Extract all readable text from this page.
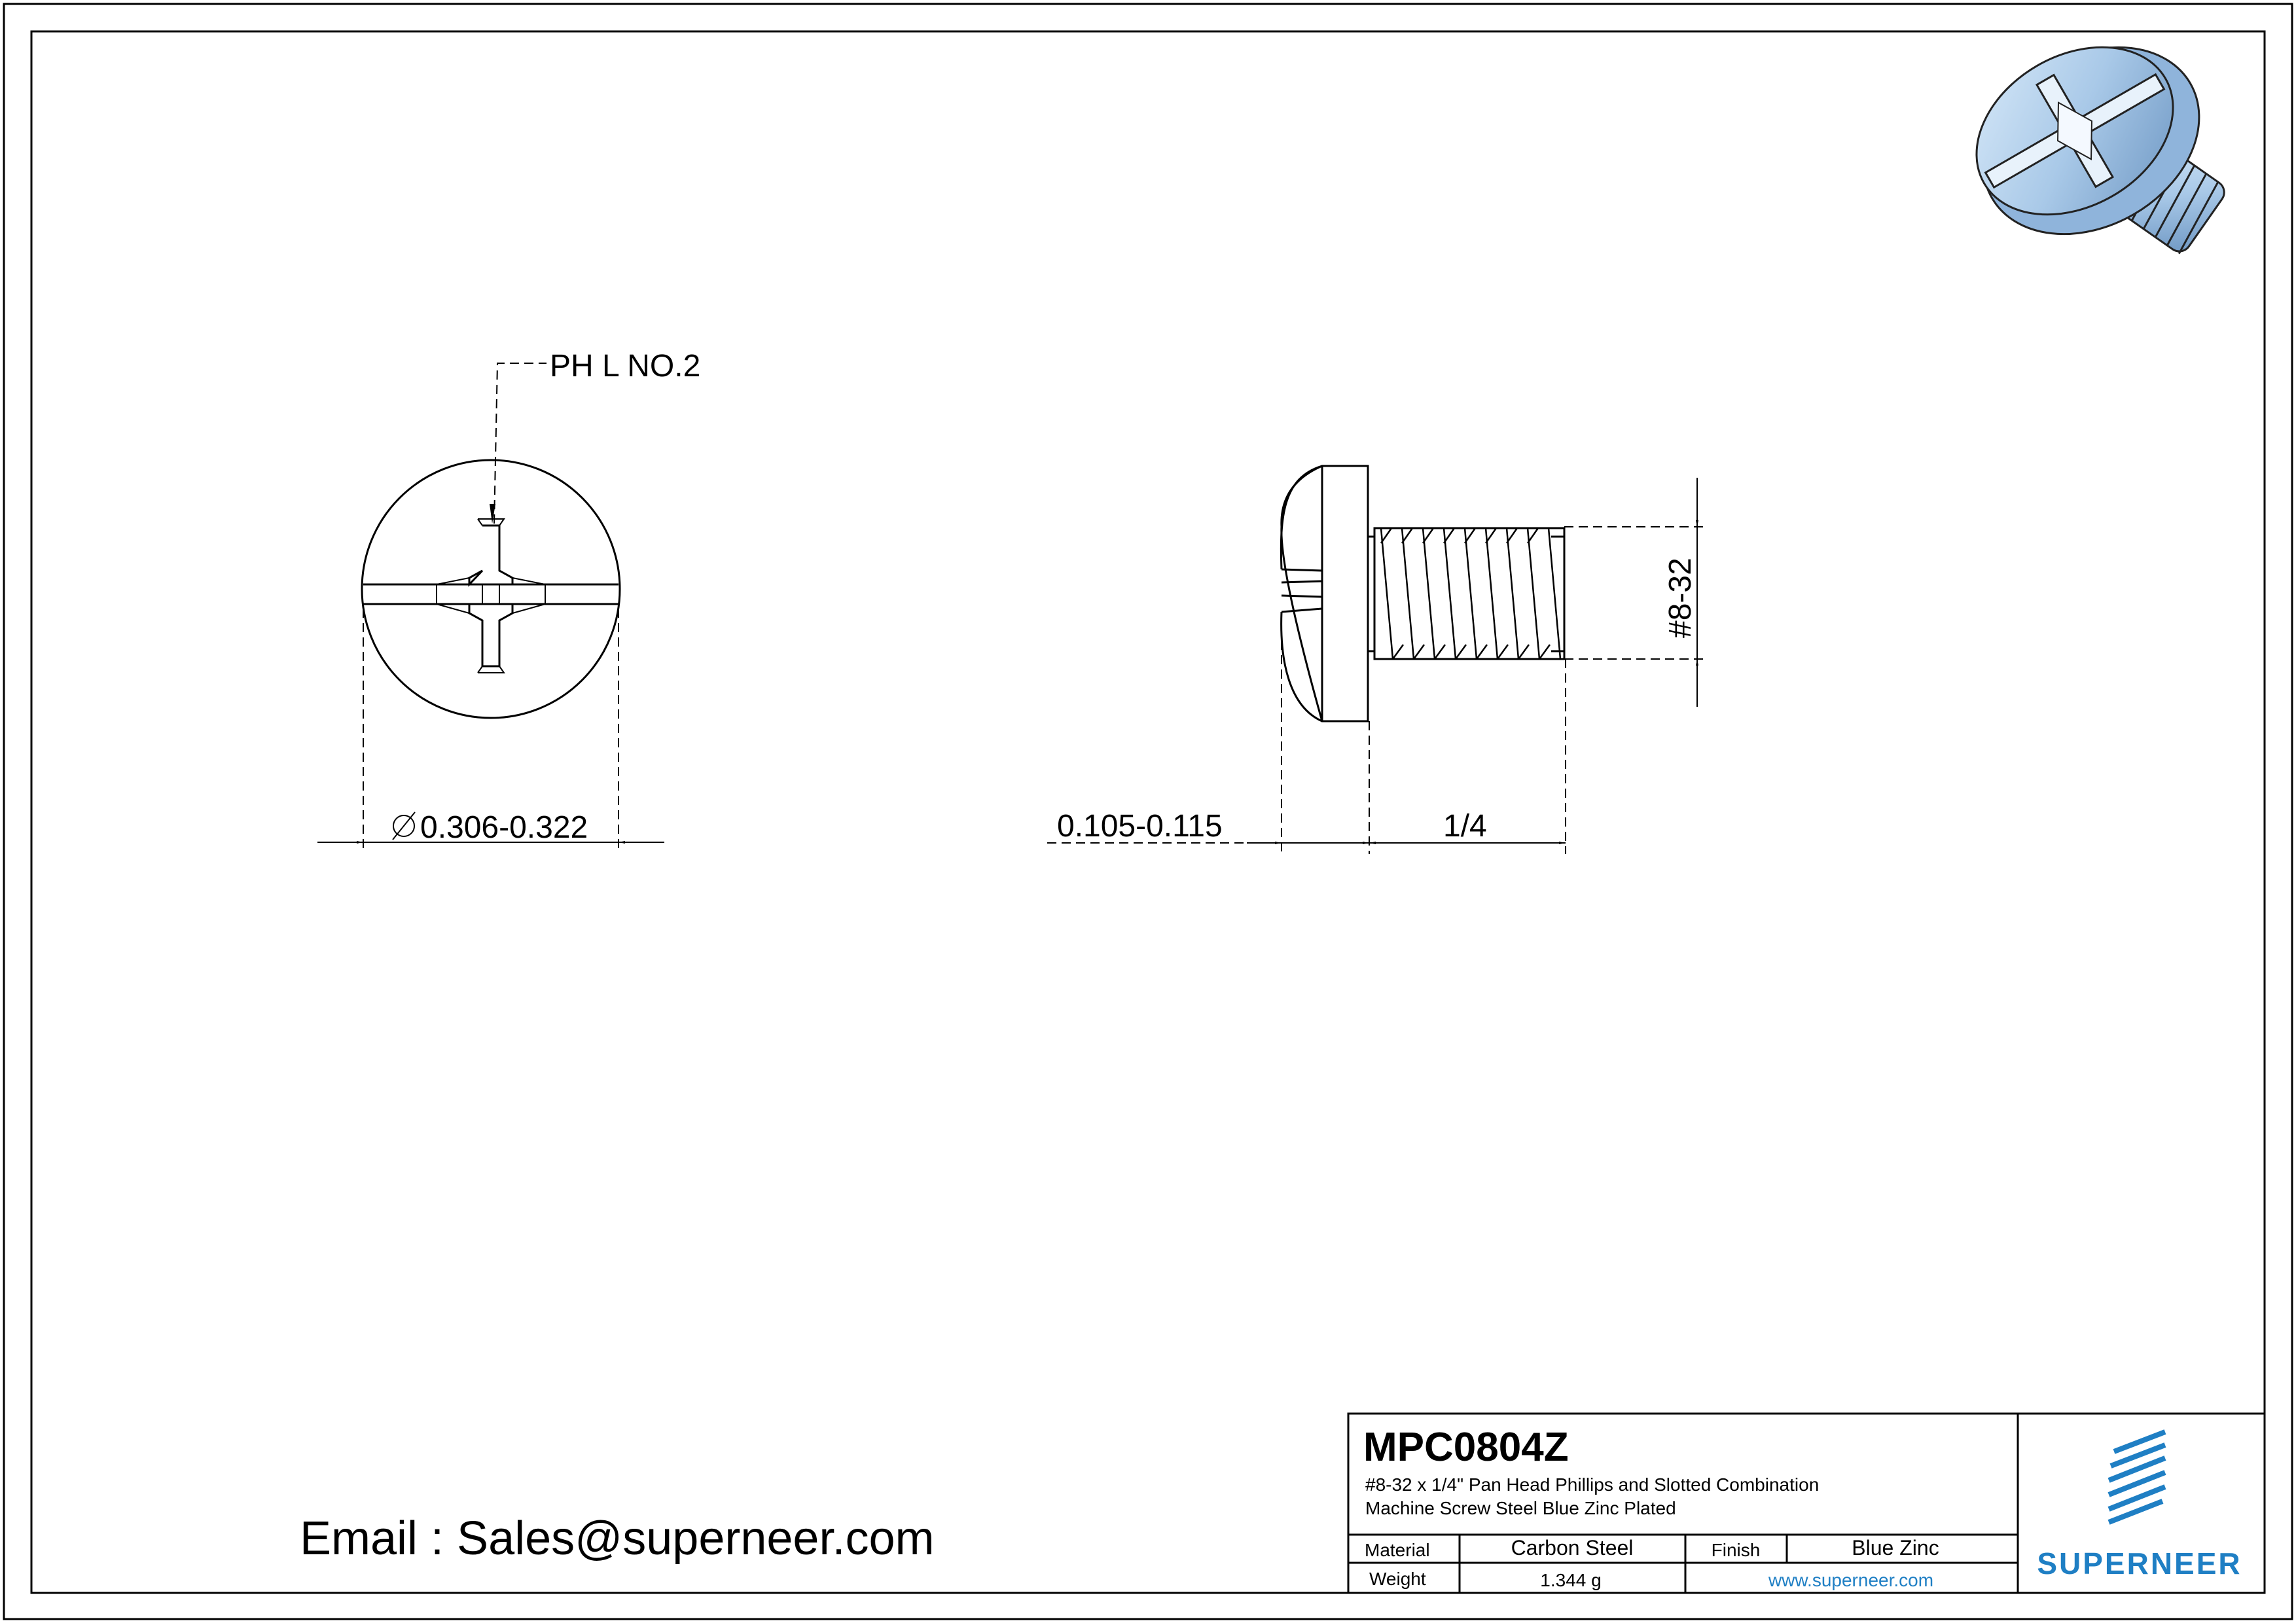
PH L NO.2
0.306-0.322
#8-32
0.105-0.115	1/4
Email : Sales@superneer.com
MPC0804Z
#8-32 x 1/4" Pan Head Phillips and Slotted Combination
Machine Screw Steel Blue Zinc Plated
Material	Carbon Steel	Finish	Blue Zinc
Weight	1.344 g	www.superneer.com	SUPERNEER
